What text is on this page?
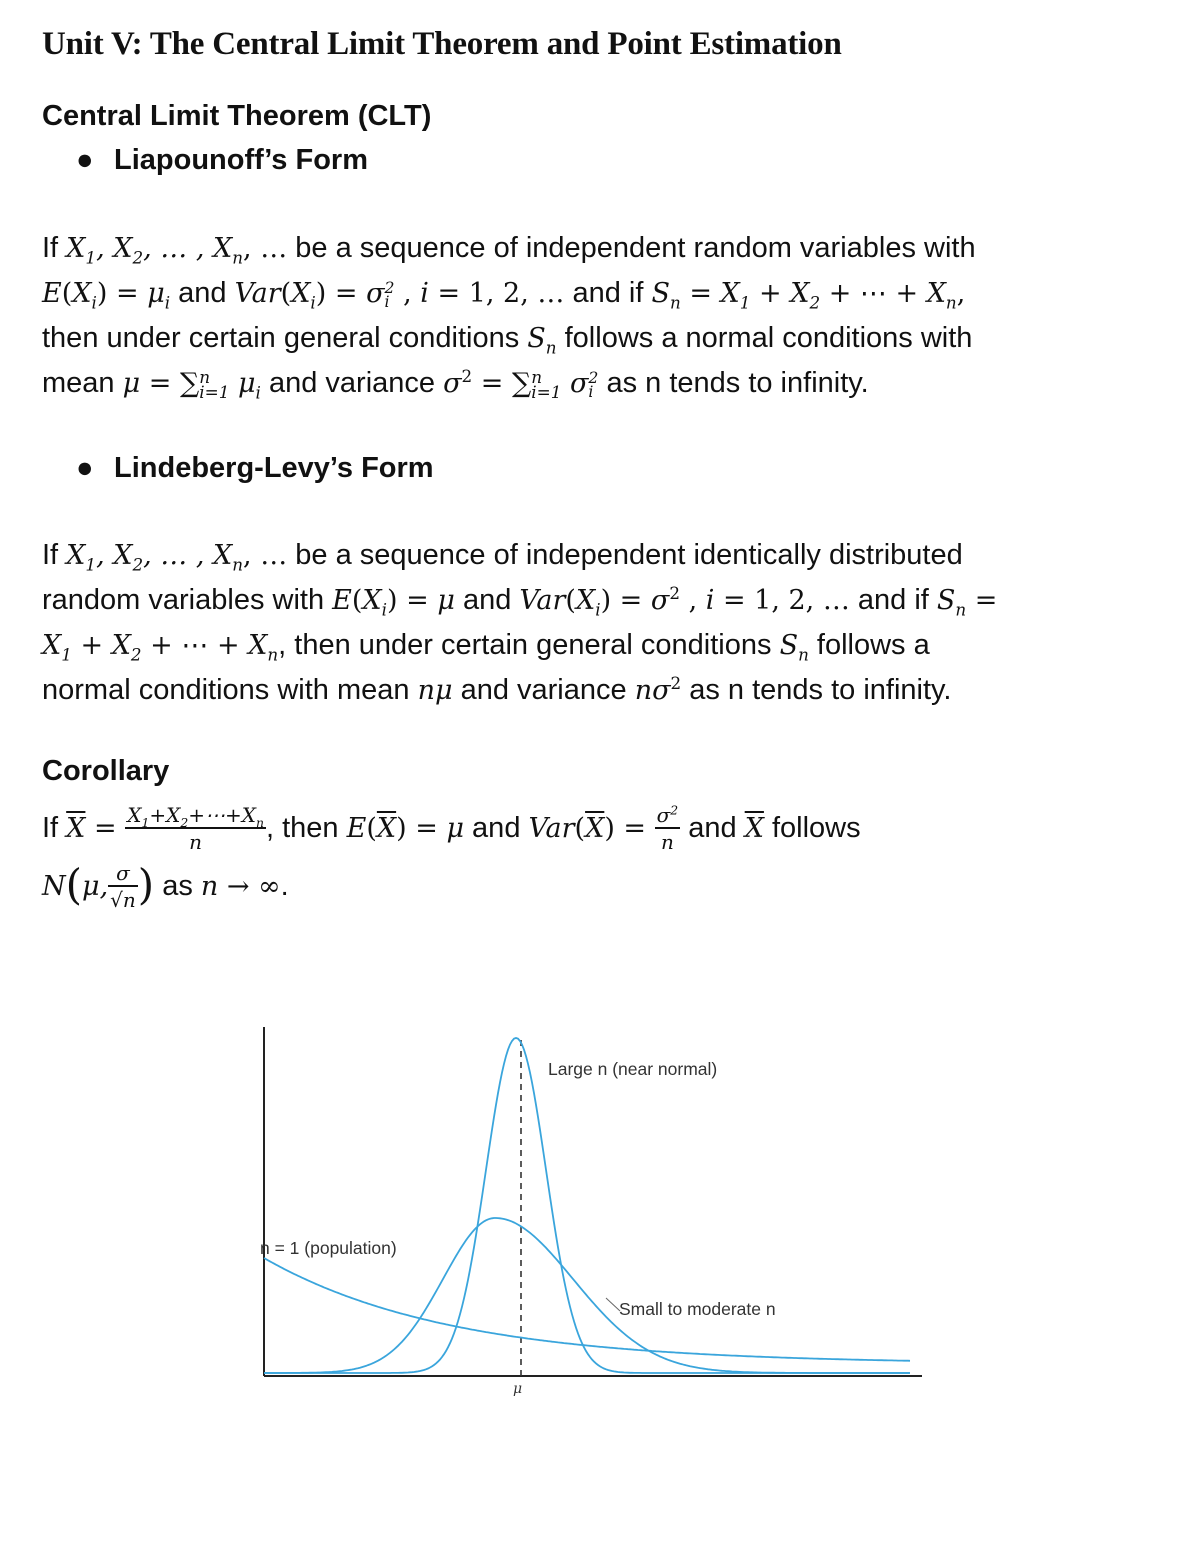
Unit V: The Central Limit Theorem and Point Estimation
Central Limit Theorem (CLT)
● Liapounoff’s Form
If $X_1$, $X_2$, … , $X_n$, … be a sequence of independent random variables with
$E(X_i) = \mu_i$ and $Var(X_i) = \sigma$ 2
i , i = 1, 2, … and if $S_n = X_1 + X_2$ + ⋯ + $X_n$,
then under certain general conditions $S_n$ follows a normal conditions with
mean μ = ∑ n
i=1 $\mu_i$ and variance $\sigma^2$ = ∑ n
i=1 σ 2
i as n tends to infinity.
● Lindeberg-Levy’s Form
If $X_1$, $X_2$, … , $X_n$, … be a sequence of independent identically distributed
random variables with $E(X_i) = \mu$ and $Var(X_i) = \sigma^2$ , i = 1, 2, … and if $S_n$ =
$X_1 + X_2$ + ⋯ + $X_n$, then under certain general conditions $S_n$ follows a
normal conditions with mean nμ and variance $n\sigma^2$ as n tends to infinity.
Corollary
If $\overline{X} = \frac{X_1+X_2+\cdots+X_n}{n}$ , then $E(\overline{X}) = \mu$ and $Var(\overline{X}) = \frac{\sigma^2}{n}$ and $\overline{X}$ follows
N(μ, $\frac{\sigma}{√n}$ ) as n → ∞.
Large n (near normal)
n = 1 (population)
Small to moderate n
μ
